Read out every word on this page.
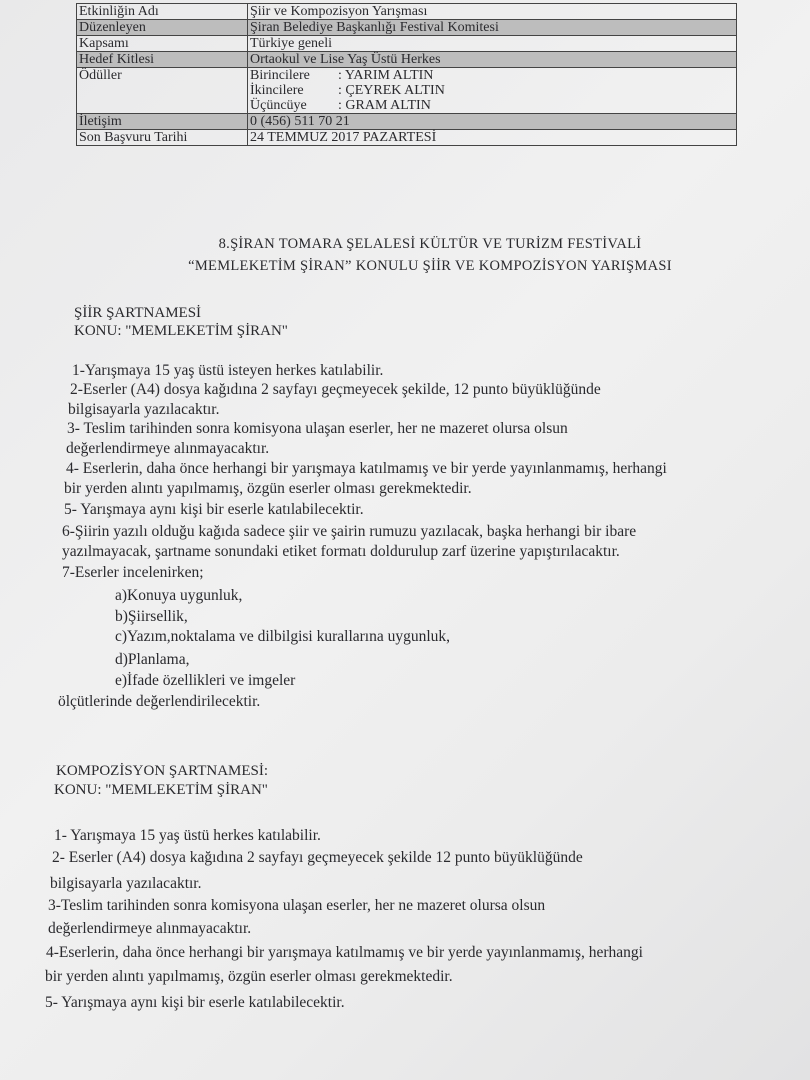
Etkinliğin Adı	Şiir ve Kompozisyon Yarışması
Düzenleyen	Şiran Belediye Başkanlığı Festival Komitesi
Kapsamı	Türkiye geneli
Hedef Kitlesi	Ortaokul ve Lise Yaş Üstü Herkes
Ödüller	Birincilere : YARIM ALTIN
İkincilere : ÇEYREK ALTIN
Üçüncüye : GRAM ALTIN

İletişim	0 (456) 511 70 21
Son Başvuru Tarihi	24 TEMMUZ 2017 PAZARTESİ
8.ŞİRAN TOMARA ŞELALESİ KÜLTÜR VE TURİZM FESTİVALİ
“MEMLEKETİM ŞİRAN” KONULU ŞİİR VE KOMPOZİSYON YARIŞMASI
ŞİİR ŞARTNAMESİ
KONU: "MEMLEKETİM ŞİRAN"
1-Yarışmaya 15 yaş üstü isteyen herkes katılabilir.
2-Eserler (A4) dosya kağıdına 2 sayfayı geçmeyecek şekilde, 12 punto büyüklüğünde
bilgisayarla yazılacaktır.
3- Teslim tarihinden sonra komisyona ulaşan eserler, her ne mazeret olursa olsun
değerlendirmeye alınmayacaktır.
4- Eserlerin, daha önce herhangi bir yarışmaya katılmamış ve bir yerde yayınlanmamış, herhangi
bir yerden alıntı yapılmamış, özgün eserler olması gerekmektedir.
5- Yarışmaya aynı kişi bir eserle katılabilecektir.
6-Şiirin yazılı olduğu kağıda sadece şiir ve şairin rumuzu yazılacak, başka herhangi bir ibare
yazılmayacak, şartname sonundaki etiket formatı doldurulup zarf üzerine yapıştırılacaktır.
7-Eserler incelenirken;
a)Konuya uygunluk,
b)Şiirsellik,
c)Yazım,noktalama ve dilbilgisi kurallarına uygunluk,
d)Planlama,
e)İfade özellikleri ve imgeler
ölçütlerinde değerlendirilecektir.
KOMPOZİSYON ŞARTNAMESİ:
KONU: "MEMLEKETİM ŞİRAN"
1- Yarışmaya 15 yaş üstü herkes katılabilir.
2- Eserler (A4) dosya kağıdına 2 sayfayı geçmeyecek şekilde 12 punto büyüklüğünde
bilgisayarla yazılacaktır.
3-Teslim tarihinden sonra komisyona ulaşan eserler, her ne mazeret olursa olsun
değerlendirmeye alınmayacaktır.
4-Eserlerin, daha önce herhangi bir yarışmaya katılmamış ve bir yerde yayınlanmamış, herhangi
bir yerden alıntı yapılmamış, özgün eserler olması gerekmektedir.
5- Yarışmaya aynı kişi bir eserle katılabilecektir.
